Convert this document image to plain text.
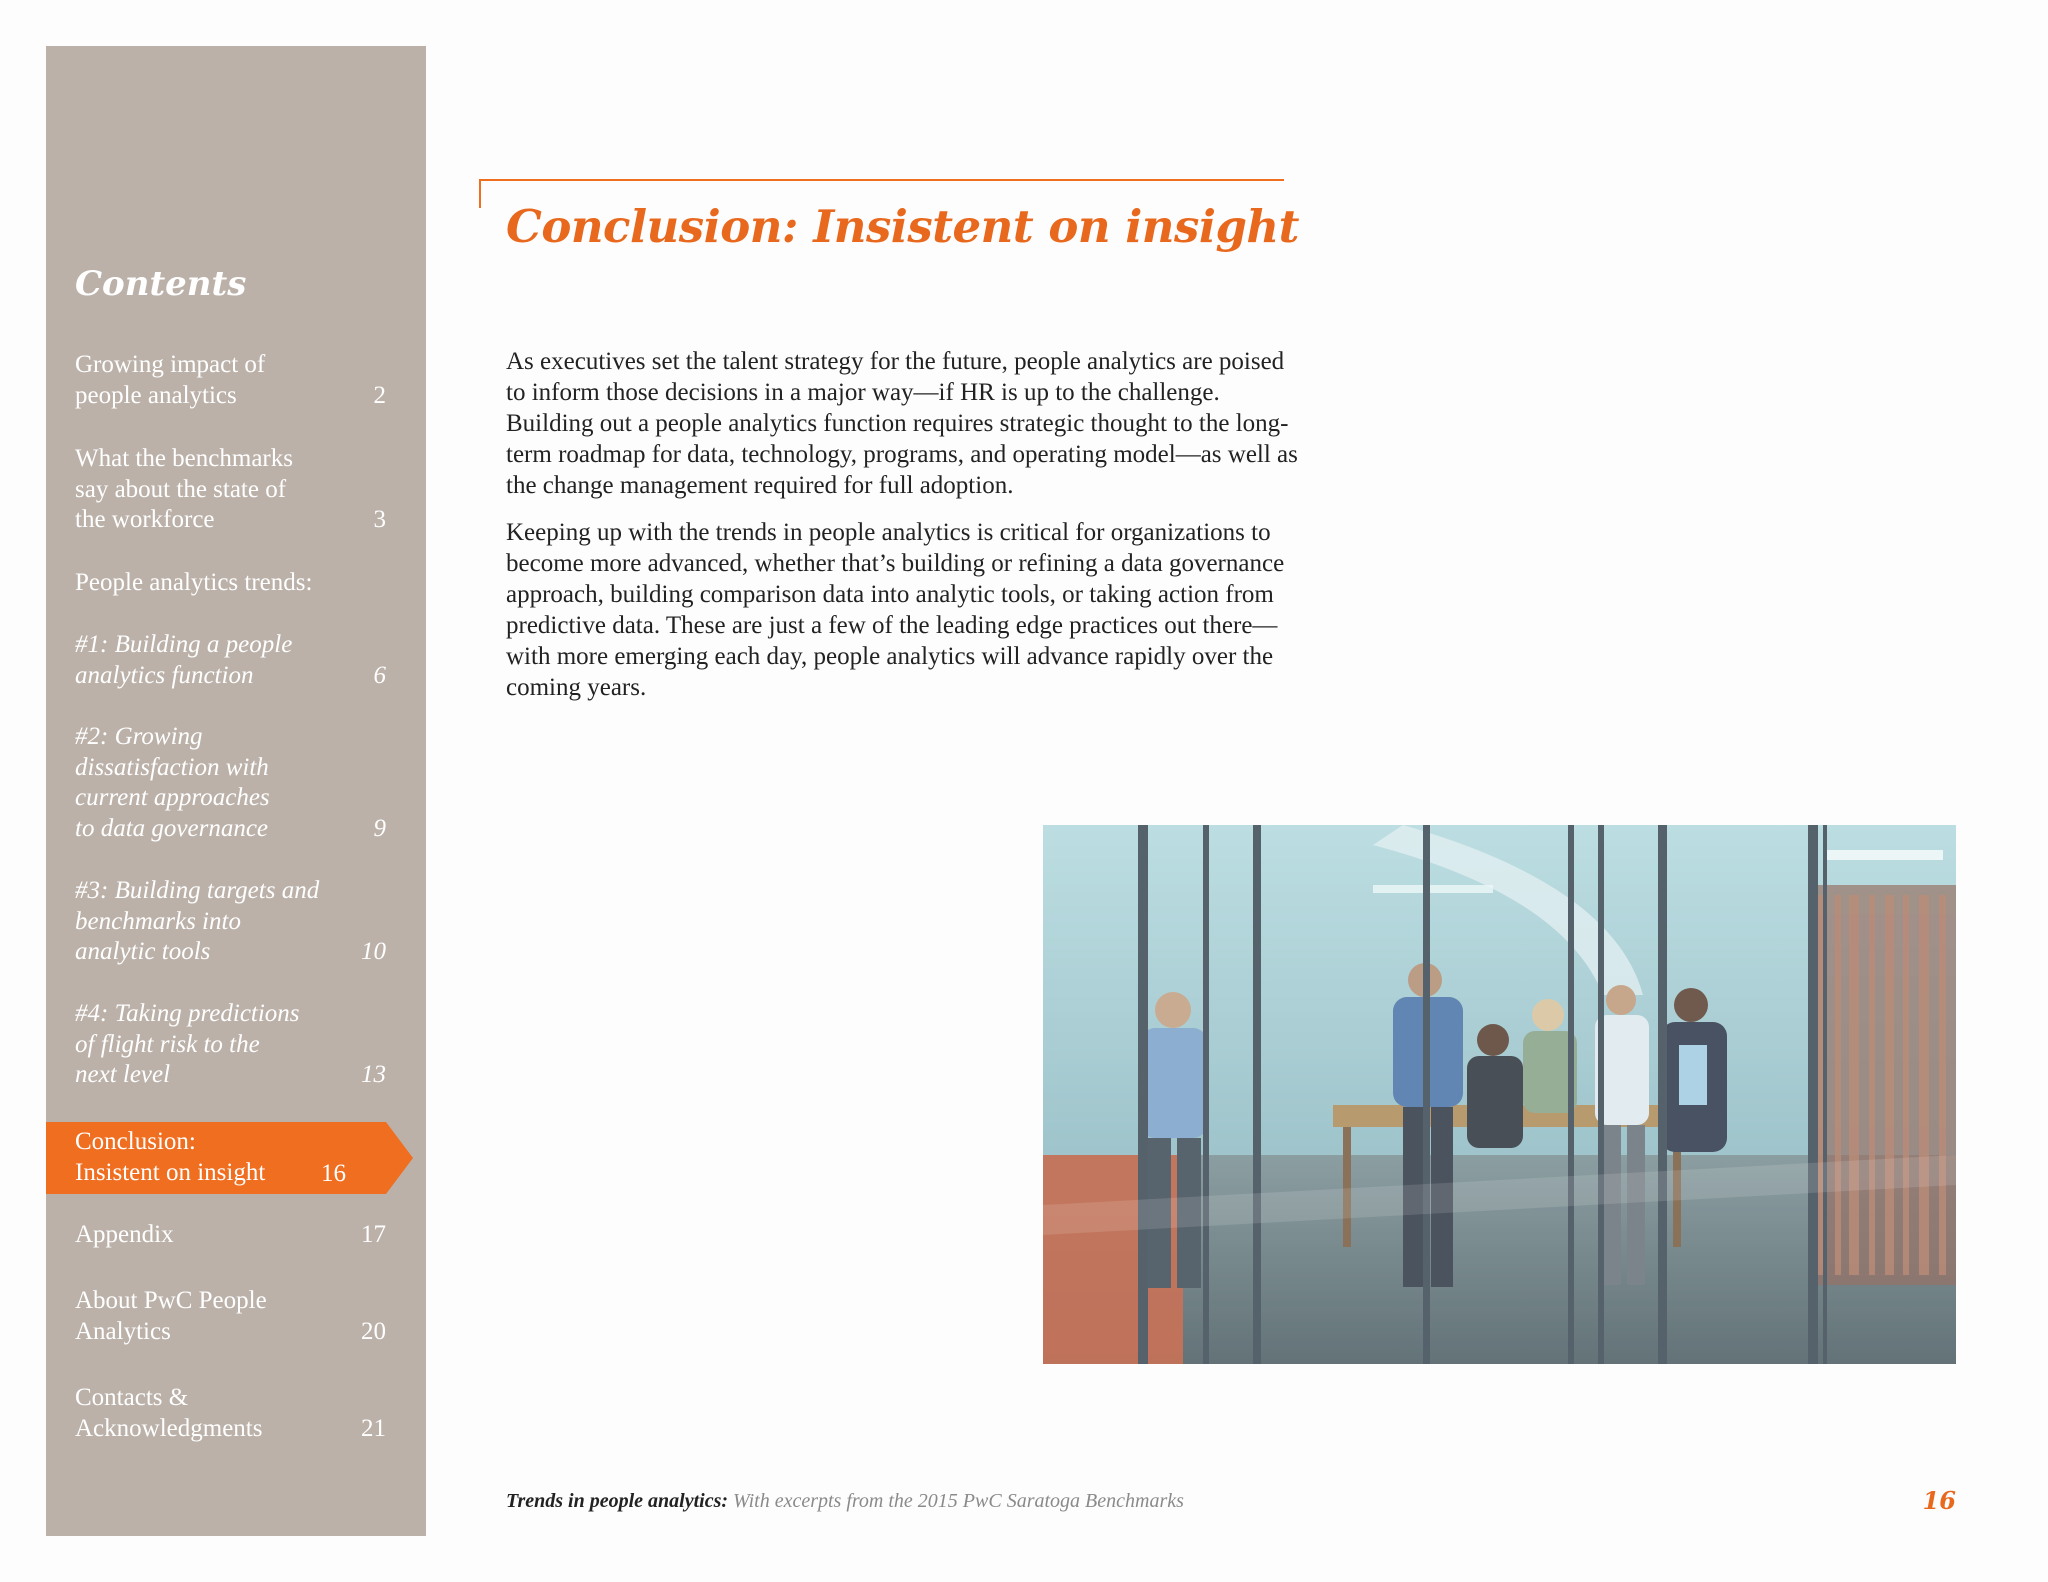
Contents
Growing impact of
people analytics	2
What the benchmarks
say about the state of
the workforce	3
People analytics trends:
#1: Building a people
analytics function	6
#2: Growing
dissatisfaction with
current approaches
to data governance	9
#3: Building targets and
benchmarks into
analytic tools	10
#4: Taking predictions
of flight risk to the
next level	13
Conclusion:
Insistent on insight	16
Appendix	17
About PwC People
Analytics	20
Contacts &
Acknowledgments	21
Conclusion: Insistent on insight

As executives set the talent strategy for the future, people analytics are poised to inform those decisions in a major way—if HR is up to the challenge. Building out a people analytics function requires strategic thought to the long-term roadmap for data, technology, programs, and operating model—as well as the change management required for full adoption.

Keeping up with the trends in people analytics is critical for organizations to become more advanced, whether that’s building or refining a data governance approach, building comparison data into analytic tools, or taking action from predictive data. These are just a few of the leading edge practices out there—with more emerging each day, people analytics will advance rapidly over the coming years.

Trends in people analytics: With excerpts from the 2015 PwC Saratoga Benchmarks	16
